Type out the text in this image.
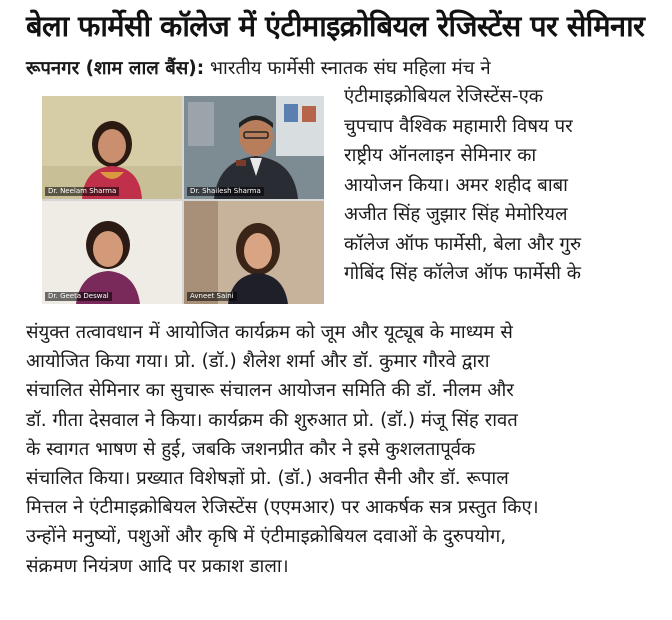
बेला फार्मेसी कॉलेज में एंटीमाइक्रोबियल रेजिस्टेंस पर सेमिनार
रूपनगर (शाम लाल बैंस): भारतीय फार्मेसी स्नातक संघ महिला मंच ने
Dr. Neelam Sharma	Dr. Shailesh Sharma
Dr. Geeta Deswal	Avneet Saini
एंटीमाइक्रोबियल रेजिस्टेंस-एक
चुपचाप वैश्विक महामारी विषय पर
राष्ट्रीय ऑनलाइन सेमिनार का
आयोजन किया। अमर शहीद बाबा
अजीत सिंह जुझार सिंह मेमोरियल
कॉलेज ऑफ फार्मेसी, बेला और गुरु
गोबिंद सिंह कॉलेज ऑफ फार्मेसी के
संयुक्त तत्वावधान में आयोजित कार्यक्रम को जूम और यूट्यूब के माध्यम से
आयोजित किया गया। प्रो. (डॉ.) शैलेश शर्मा और डॉ. कुमार गौरवे द्वारा
संचालित सेमिनार का सुचारू संचालन आयोजन समिति की डॉ. नीलम और
डॉ. गीता देसवाल ने किया। कार्यक्रम की शुरुआत प्रो. (डॉ.) मंजू सिंह रावत
के स्वागत भाषण से हुई, जबकि जशनप्रीत कौर ने इसे कुशलतापूर्वक
संचालित किया। प्रख्यात विशेषज्ञों प्रो. (डॉ.) अवनीत सैनी और डॉ. रूपाल
मित्तल ने एंटीमाइक्रोबियल रेजिस्टेंस (एएमआर) पर आकर्षक सत्र प्रस्तुत किए।
उन्होंने मनुष्यों, पशुओं और कृषि में एंटीमाइक्रोबियल दवाओं के दुरुपयोग,
संक्रमण नियंत्रण आदि पर प्रकाश डाला।
